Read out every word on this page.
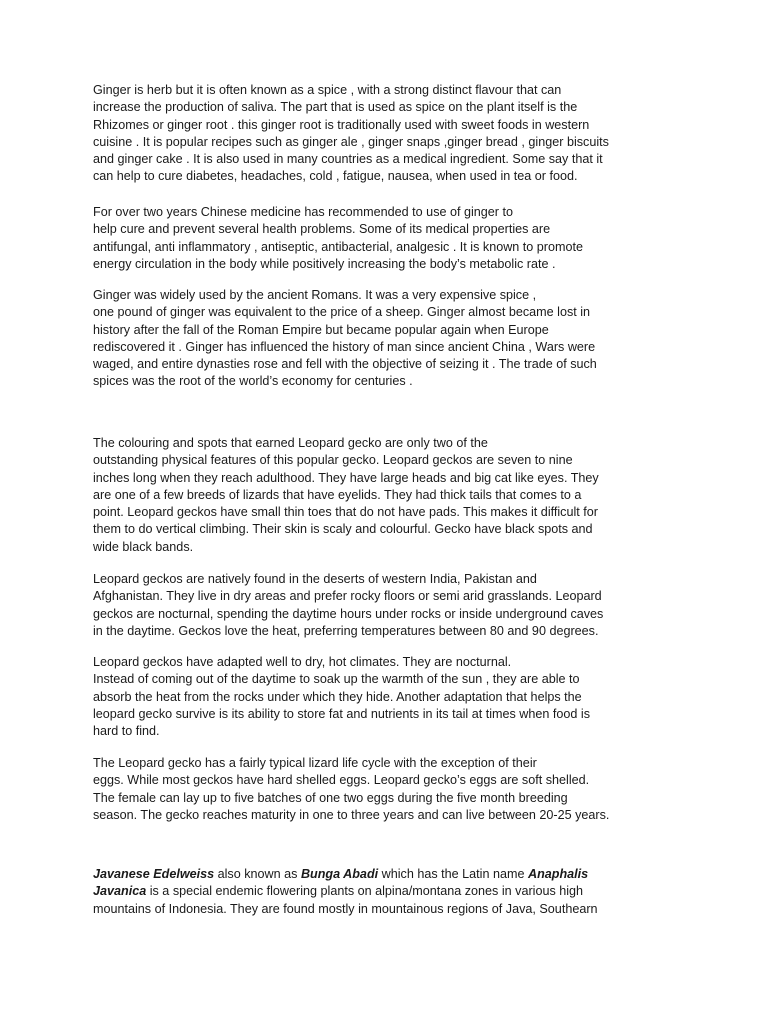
Ginger is herb but it is often known as a spice , with a strong distinct flavour that can
increase the production of saliva. The part that is used as spice on the plant itself is the
Rhizomes or ginger root . this ginger root is traditionally used with sweet foods in western
cuisine . It is popular recipes such as ginger ale , ginger snaps ,ginger bread , ginger biscuits
and ginger cake . It is also used in many countries as a medical ingredient. Some say that it
can help to cure diabetes, headaches, cold , fatigue, nausea, when used in tea or food.

For over two years Chinese medicine has recommended to use of ginger to
help cure and prevent several health problems. Some of its medical properties are
antifungal, anti inflammatory , antiseptic, antibacterial, analgesic . It is known to promote
energy circulation in the body while positively increasing the body’s metabolic rate .

Ginger was widely used by the ancient Romans. It was a very expensive spice ,
one pound of ginger was equivalent to the price of a sheep. Ginger almost became lost in
history after the fall of the Roman Empire but became popular again when Europe
rediscovered it . Ginger has influenced the history of man since ancient China , Wars were
waged, and entire dynasties rose and fell with the objective of seizing it . The trade of such
spices was the root of the world’s economy for centuries .

The colouring and spots that earned Leopard gecko are only two of the
outstanding physical features of this popular gecko. Leopard geckos are seven to nine
inches long when they reach adulthood. They have large heads and big cat like eyes. They
are one of a few breeds of lizards that have eyelids. They had thick tails that comes to a
point. Leopard geckos have small thin toes that do not have pads. This makes it difficult for
them to do vertical climbing. Their skin is scaly and colourful. Gecko have black spots and
wide black bands.

Leopard geckos are natively found in the deserts of western India, Pakistan and
Afghanistan. They live in dry areas and prefer rocky floors or semi arid grasslands. Leopard
geckos are nocturnal, spending the daytime hours under rocks or inside underground caves
in the daytime. Geckos love the heat, preferring temperatures between 80 and 90 degrees.

Leopard geckos have adapted well to dry, hot climates. They are nocturnal.
Instead of coming out of the daytime to soak up the warmth of the sun , they are able to
absorb the heat from the rocks under which they hide. Another adaptation that helps the
leopard gecko survive is its ability to store fat and nutrients in its tail at times when food is
hard to find.

The Leopard gecko has a fairly typical lizard life cycle with the exception of their
eggs. While most geckos have hard shelled eggs. Leopard gecko’s eggs are soft shelled.
The female can lay up to five batches of one two eggs during the five month breeding
season. The gecko reaches maturity in one to three years and can live between 20-25 years.

Javanese Edelweiss also known as Bunga Abadi which has the Latin name Anaphalis
Javanica is a special endemic flowering plants on alpina/montana zones in various high
mountains of Indonesia. They are found mostly in mountainous regions of Java, Southearn
